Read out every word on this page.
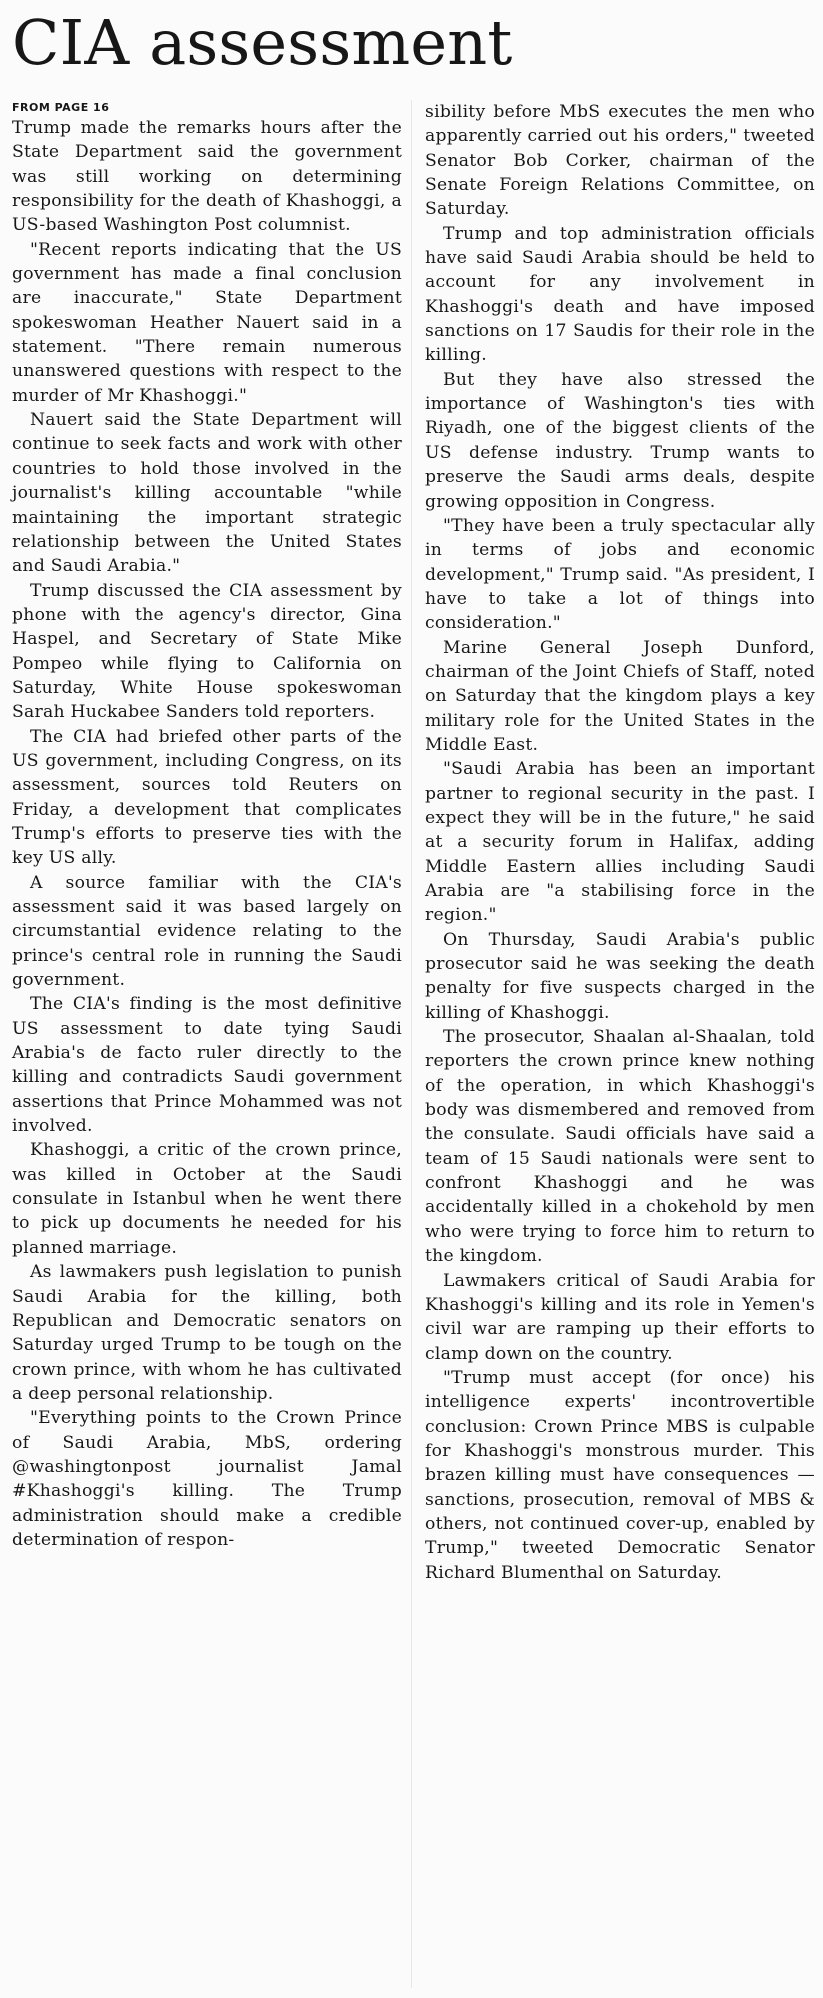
CIA assessment
FROM PAGE 16

Trump made the remarks hours after the State Department said the government was still working on determining responsibility for the death of Khashoggi, a US-based Washington Post columnist.

"Recent reports indicating that the US government has made a final conclusion are inaccurate," State Department spokeswoman Heather Nauert said in a statement. "There remain numerous unanswered questions with respect to the murder of Mr Khashoggi."

Nauert said the State Department will continue to seek facts and work with other countries to hold those involved in the journalist's killing accountable "while maintaining the important strategic relationship between the United States and Saudi Arabia."

Trump discussed the CIA assessment by phone with the agency's director, Gina Haspel, and Secretary of State Mike Pompeo while flying to California on Saturday, White House spokeswoman Sarah Huckabee Sanders told reporters.

The CIA had briefed other parts of the US government, including Congress, on its assessment, sources told Reuters on Friday, a development that complicates Trump's efforts to preserve ties with the key US ally.

A source familiar with the CIA's assessment said it was based largely on circumstantial evidence relating to the prince's central role in running the Saudi government.

The CIA's finding is the most definitive US assessment to date tying Saudi Arabia's de facto ruler directly to the killing and contradicts Saudi government assertions that Prince Mohammed was not involved.

Khashoggi, a critic of the crown prince, was killed in October at the Saudi consulate in Istanbul when he went there to pick up documents he needed for his planned marriage.

As lawmakers push legislation to punish Saudi Arabia for the killing, both Republican and Democratic senators on Saturday urged Trump to be tough on the crown prince, with whom he has cultivated a deep personal relationship.

"Everything points to the Crown Prince of Saudi Arabia, MbS, ordering @washingtonpost journalist Jamal #Khashoggi's killing. The Trump administration should make a credible determination of respon-

sibility before MbS executes the men who apparently carried out his orders," tweeted Senator Bob Corker, chairman of the Senate Foreign Relations Committee, on Saturday.

Trump and top administration officials have said Saudi Arabia should be held to account for any involvement in Khashoggi's death and have imposed sanctions on 17 Saudis for their role in the killing.

But they have also stressed the importance of Washington's ties with Riyadh, one of the biggest clients of the US defense industry. Trump wants to preserve the Saudi arms deals, despite growing opposition in Congress.

"They have been a truly spectacular ally in terms of jobs and economic development," Trump said. "As president, I have to take a lot of things into consideration."

Marine General Joseph Dunford, chairman of the Joint Chiefs of Staff, noted on Saturday that the kingdom plays a key military role for the United States in the Middle East.

"Saudi Arabia has been an important partner to regional security in the past. I expect they will be in the future," he said at a security forum in Halifax, adding Middle Eastern allies including Saudi Arabia are "a stabilising force in the region."

On Thursday, Saudi Arabia's public prosecutor said he was seeking the death penalty for five suspects charged in the killing of Khashoggi.

The prosecutor, Shaalan al-Shaalan, told reporters the crown prince knew nothing of the operation, in which Khashoggi's body was dismembered and removed from the consulate. Saudi officials have said a team of 15 Saudi nationals were sent to confront Khashoggi and he was accidentally killed in a chokehold by men who were trying to force him to return to the kingdom.

Lawmakers critical of Saudi Arabia for Khashoggi's killing and its role in Yemen's civil war are ramping up their efforts to clamp down on the country.

"Trump must accept (for once) his intelligence experts' incontrovertible conclusion: Crown Prince MBS is culpable for Khashoggi's monstrous murder. This brazen killing must have consequences — sanctions, prosecution, removal of MBS & others, not continued cover-up, enabled by Trump," tweeted Democratic Senator Richard Blumenthal on Saturday.
